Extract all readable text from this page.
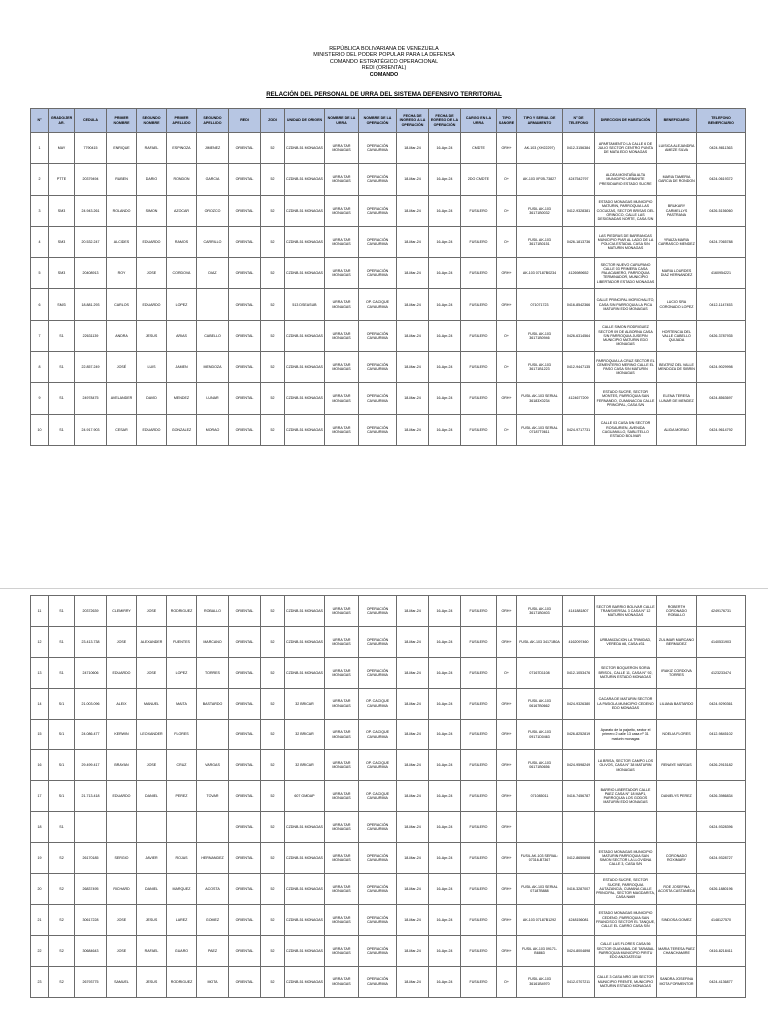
REPÚBLICA BOLIVARIANA DE VENEZUELA
MINISTERIO DEL PODER POPULAR PARA LA DEFENSA
COMANDO ESTRATÉGICO OPERACIONAL
REDI (ORIENTAL)
COMANDO
RELACIÓN DEL PERSONAL DE URRA DEL SISTEMA DEFENSIVO TERRITORIAL
N°	GRADO/JERAR.	CEDULA	PRIMER NOMBRE	SEGUNDO NOMBRE	PRIMER APELLIDO	SEGUNDO APELLIDO	REDI	ZODI	UNIDAD DE ORIGEN	NOMBRE DE LA URRA	NOMBRE DE LA OPERACIÓN	FECHA DE INGRESO A LA OPERACIÓN	FECHA DE EGRESO DE LA OPERACIÓN	CARGO EN LA URRA	TIPO SANGRE	TIPO Y SERIAL DE ARMAMENTO	N° DE TELEFONO	DIRECCION DE HABITACIÓN	BENEFICIARIO	TELEFONO BENEFICIARIO
1	MAY	7790415	ENRIQUE	RAFAEL	ESPINOZA	JIMENEZ	ORIENTAL	52	CZDNB-51 MONAGAS	URRA TAR MONAGAS	OPERACIÓN CAYAURIMA	18-Mar-24	16-Apr-24	CMDTE	ORH+	AK-103 (XH22297)	0412-3156384	APARTAMENTO LA CALLE 6 DE JULIO SECTOR CENTRO PUNTA DE MATA EDO MONAGAS	LUISICA ALEJANDRA AMEZE SILVA	0424-9811363
2	PTTE	20379494	RUBEN	DARIO	RONDON	GARCIA	ORIENTAL	52	CZDNB-51 MONAGAS	URRA TAR MONAGAS	OPERACIÓN CAYAURIMA	18-Mar-24	16-Apr-24	2DO CMDTE	O+	AK-103 XPJB-73827	4247542797	ALDEA MONTAÑA ALTA MUNICIPIO URBANITE PRESIDIARIO ESTADO SUCRE	MARIA TAMERIA GARCIA DE RONDON	0424-0619372
3	SM3	24.943.261	ROLANDO	SIMON	AZOCAR	OROZCO	ORIENTAL	52	CZDNB-51 MONAGAS	URRA TAR MONAGAS	OPERACIÓN CAYAURIMA	18-Mar-24	16-Apr-24	FUSILERO	O+	FUSIL AK-103 36171B0032	0412-9328381	ESTADO MONAGAS MUNICIPIO MATURIN, PARROQUIA LAS COCUIZAS, SECTOR BRISAS DEL ORINOCO, CALLE LAS DESIGNADAS NORTE, CASA S/N	BRUKARY CARMELLYS PASTRANA	0426-5156060
4	SM3	20.532.247	ALCIDES	EDUARDO	RAMOS	CARRILLO	ORIENTAL	52	CZDNB-51 MONAGAS	URRA TAR MONAGAS	OPERACIÓN CAYAURIMA	18-Mar-24	16-Apr-24	FUSILERO	O+	FUSIL AK-103 36171B0151	0426-1813736	LAS PIEDRAS DE BARRANCAS MUNICIPIO PIAR AL LADO DE LA POLICIA ESTADAL CASA S/N MATURIN MONAGAS	YRAIZA MARIA CARRASCO MENDEZ	0424-7065788
5	SM3	20408913	ROY	JOSE	CORDOVA	DIAZ	ORIENTAL	52	CZDNB-51 MONAGAS	URRA TAR MONAGAS	OPERACIÓN CAYAURIMA	18-Mar-24	16-Apr-24	FUSILERO	ORH+	AK-103 07187B0234	4126989652	SECTOR NUEVO CARUPANO CALLE 03 PRIMERA CASA PALACAMERO, PARROQUIA TERMINADOR, MUNICIPIO LIBERTADOR ESTADO MONAGAS	MARIA LOURDES DIAZ HERNANDEZ	4160954221
6	SM/3	18.881.293	CARLOS	EDUARDO	LOPEZ		ORIENTAL	52	513 DSEASUB	URRA TAR MONAGAS	OP. CACIQUE CAYAURIMA	18-Mar-24	16-Apr-24	FUSILERO	ORH+	071071723	0416-8542366	CALLE PRINCIPAL MORICHALITO, CASA S/N PARROQUIA LA PICA MATURIN EDO MONAGAS	LUCIO SRA CORONADO LOPEZ	0412-1147453
7	S1	22631139	ANDRA	JESUS	ARIAS	CABELLO	ORIENTAL	52	CZDNB-51 MONAGAS	URRA TAR MONAGAS	OPERACIÓN CAYAURIMA	18-Mar-24	16-Apr-24	FUSILERO	O+	FUSIL AK-103 36171B0946	0426-6314564	CALLE SIMON RODRIGUEZ SECTOR 09 DE ALBORNA CASA S/N PARROQUIA JUSEPIN MUNICIPIO MATURIN EDO MONAGAS	HORTENCIA DEL VALLE CABELLO QUIJADA	0426-3787935
8	S1	22.857.249	JOSÉ	LUIS	JAMEN	MENDOZA	ORIENTAL	52	CZDNB-51 MONAGAS	URRA TAR MONAGAS	OPERACIÓN CAYAURIMA	18-Mar-24	16-Apr-24	FUSILERO	O+	FUSIL AK-103 36171B1223	0412-9447135	PARROQUIA LA CRUZ SECTOR EL CEMENTERIO MERINO CALLE EL PASO CASA S/N MATURIN MONAGAS	BEATRIZ DEL VALLE MENDOZA DE SIBRIN	0424-9029998
9	S1	24978475	AVELANDER	DAVID	MENDEZ	LUNAR	ORIENTAL	52	CZDNB-51 MONAGAS	URRA TAR MONAGAS	OPERACIÓN CAYAURIMA	18-Mar-24	16-Apr-24	FUSILERO	ORH+	FUSIL AK-103 SERIAL 36183X0234	4124677209	ESTADO SUCRE, SECTOR MONTES, PARROQUIA SAN FERNANDO, CUMANACOA CALLE PRINCIPAL, CASA S/N	ELENA TERESA LUNAR DE MENDEZ	0424-8563697
10	S1	24.917.903	CESAR	EDUARDO	GONZALEZ	MORAO	ORIENTAL	52	CZDNB-51 MONAGAS	URRA TAR MONAGAS	OPERACIÓN CAYAURIMA	18-Mar-24	16-Apr-24	FUSILERO	O+	FUSIL AK-103 SERIAL 07187T0611	0424-9717731	CALLE 03 CASA 5/N SECTOR ROSAURIEN, AVENIDA CAGUANILLO, SABLITELLO ESTADO BOLIVAR	ALIDA MORAO	0424-9614792
11	S1	20372639	CLEMIRRY	JOSE	RODRIGUEZ	ROBALLO	ORIENTAL	52	CZDNB-51 MONAGAS	URRA TAR MONAGAS	OPERACIÓN CAYAURIMA	18-Mar-24	16-Apr-24	FUSILERO	ORH+	FUSIL AK-103 36171B0403	4141881807	SECTOR BARRIO BOLIVAR CALLE TRANSVERSAL 3 CASA N° 12 MATURIN MONAGAS	ROBERTH CORONADO ROBALLO	4249176731
12	S1	23.413.738	JOSE	ALEXANDER	FUENTES	MARCANO	ORIENTAL	52	CZDNB-51 MONAGAS	URRA TAR MONAGAS	OPERACIÓN CAYAURIMA	18-Mar-24	16-Apr-24	FUSILERO	ORH+	FUSIL AK-103 34171B0A	4162097460	URBANIZACION LA TRINIDAD, VEREDA #8, CASA #31	ZULIMAR MARCANO BERMUDEZ	4140531903
13	S1	24710606	EDUARDO	JOSE	LOPEZ	TORRES	ORIENTAL	52	CZDNB-51 MONAGAS	URRA TAR MONAGAS	OPERACIÓN CAYAURIMA	18-Mar-24	16-Apr-24	FUSILERO	O+	07167D1108	0412-1053476	SECTOR BOQUERON SORIA BRISOL, CALLE 11, CASA N° 92, MATURIN ESTADO MONAGAS	IRAKIZ CORDOVA TORRES	4123233474
14	S/1	21.003.096	ALEIX	MANUEL	MAITA	BASTARDO	ORIENTAL	52	32 BRICAR	URRA TAR MONAGAS	OP. CACIQUE CAYAURIMA	18-Mar-24	16-Apr-24	FUSILERO	ORH+	FUSIL AK-103 06167B0662	0424-9326380	CACARA DE MATURIN SECTOR LA PASIOLA MUNICIPIO CEDENO EDO MONAGAS	LILIANA BASTARDO	0424-9290361
15	S/1	24.086.477	KERWIN	LEOXANDER	FLORES		ORIENTAL	52	32 BRICAR	URRA TAR MONAGAS	OP. CACIQUE CAYAURIMA	18-Mar-24	16-Apr-24	FUSILERO	ORH+	FUSIL AK-103 09171D0463	0426-8252819	Aparato de la pajarito, sector el primero 2 calle 13 casa nº 31 maturin monagas	NOELIA FLORES	0412-9845102
16	S/1	29.499.417	BRAYAN	JOSE	CRUZ	VARGAS	ORIENTAL	52	32 BRICAR	URRA TAR MONAGAS	OP. CACIQUE CAYAURIMA	18-Mar-24	16-Apr-24	FUSILERO	ORH+	FUSIL AK-103 06171B0656	0424-9598249	LA BRISA, SECTOR CAMPO LOS OLIVOS, CASA N° 38 MATURIN MONAGAS	RENAYE VARGAS	0426-2915182
17	S/1	21.713.418	EDUARDO	DANIEL	PEREZ	TOVAR	ORIENTAL	52	607 GMDAP	URRA TAR MONAGAS	OP. CACIQUE CAYAURIMA	18-Mar-24	16-Apr-24	FUSILERO	ORH+	071085011	0416-7456787	BARRIO LIBERTADOR CALLE PAEZ CASA N° 18 MAP1, PARROQUIA LOS GODOS MATURIN EDO MONAGAS	DANIELYS PEREZ	0426-3986834
18	S1						ORIENTAL	52	CZDNB-51 MONAGAS	URRA TAR MONAGAS	OPERACIÓN CAYAURIMA	18-Mar-24	16-Apr-24	FUSILERO	ORH+					0424-9328396
19	S2	26170185	SERGIO	JAVIER	ROJAS	HERNANDEZ	ORIENTAL	52	CZDNB-51 MONAGAS	URRA TAR MONAGAS	OPERACIÓN CAYAURIMA	18-Mar-24	16-Apr-24	FUSILERO	ORH+	FUSIL AK-103 SERIAL: 07316-B7367	0412-8650698	ESTADO MONAGAS MUNICIPIO MATURIN PARROQUIA SAN SIMON SECTOR LA LLOVIDNA CALLE 3, CASA S/N	CORONADO ROXIMARY	0424-9328727
20	S2	26837495	RICHARD	DANIEL	MARQUEZ	ACOSTA	ORIENTAL	52	CZDNB-51 MONAGAS	URRA TAR MONAGAS	OPERACIÓN CAYAURIMA	18-Mar-24	16-Apr-24	FUSILERO	ORH+	FUSIL AK-103 SERIAL 07187B888	0416-3287007	ESTADO SUCRE, SECTOR SUCRE, PARROQUIA AUTAZANCIA, CUMANA CALLE PRINCIPAL, SECTOR MAGDARITA, CASA N#69	ROE JOSEFINA ACOSTA CASTANEDA	0426-1880196
21	S2	30617228	JOSE	JESUS	LAREZ	GOMEZ	ORIENTAL	52	CZDNB-51 MONAGAS	URRA TAR MONAGAS	OPERACIÓN CAYAURIMA	18-Mar-24	16-Apr-24	FUSILERO	ORH+	AK-103 07187B1292	4248156081	ESTADO MONAGAS MUNICIPIO CEDENO, PARROQUIA SAN FRANCISCO SECTOR EL TANQUE, CALLE EL CARRO CASA S/N	SINDOSA GOMEZ	4148127570
22	S2	30684643	JOSE	RAFAEL	GUARO	PAEZ	ORIENTAL	52	CZDNB-51 MONAGAS	URRA TAR MONAGAS	OPERACIÓN CAYAURIMA	18-Mar-24	16-Apr-24	FUSILERO	ORH+	FUSIL AK-103 09171-B6863	0424-8004898	CALLE LAS FLORES CASA 56 SECTOR GUAYABAL DE TARABAL PARROQUIA MUNICIPIO PIRITU EDO ANZOATEGUI	MARIA TERESA PAEZ CHANCHAMIRE	0416-8218411
23	S2	26793775	SAMUEL	JESUS	RODRIGUEZ	MOTA	ORIENTAL	52	CZDNB-51 MONAGAS	URRA TAR MONAGAS	OPERACIÓN CAYAURIMA	18-Mar-24	16-Apr-24	FUSILERO	O+	FUSIL AK-103 36161B4970	0412-0707211	CALLE 3 CASA NRO 189 SECTOR MUNICIPIO FRENTE, MUNICIPIO MATURIN ESTADO MONAGAS	SANDRA JOSEFINA MOTA FORMENTOR	0424-4136877
